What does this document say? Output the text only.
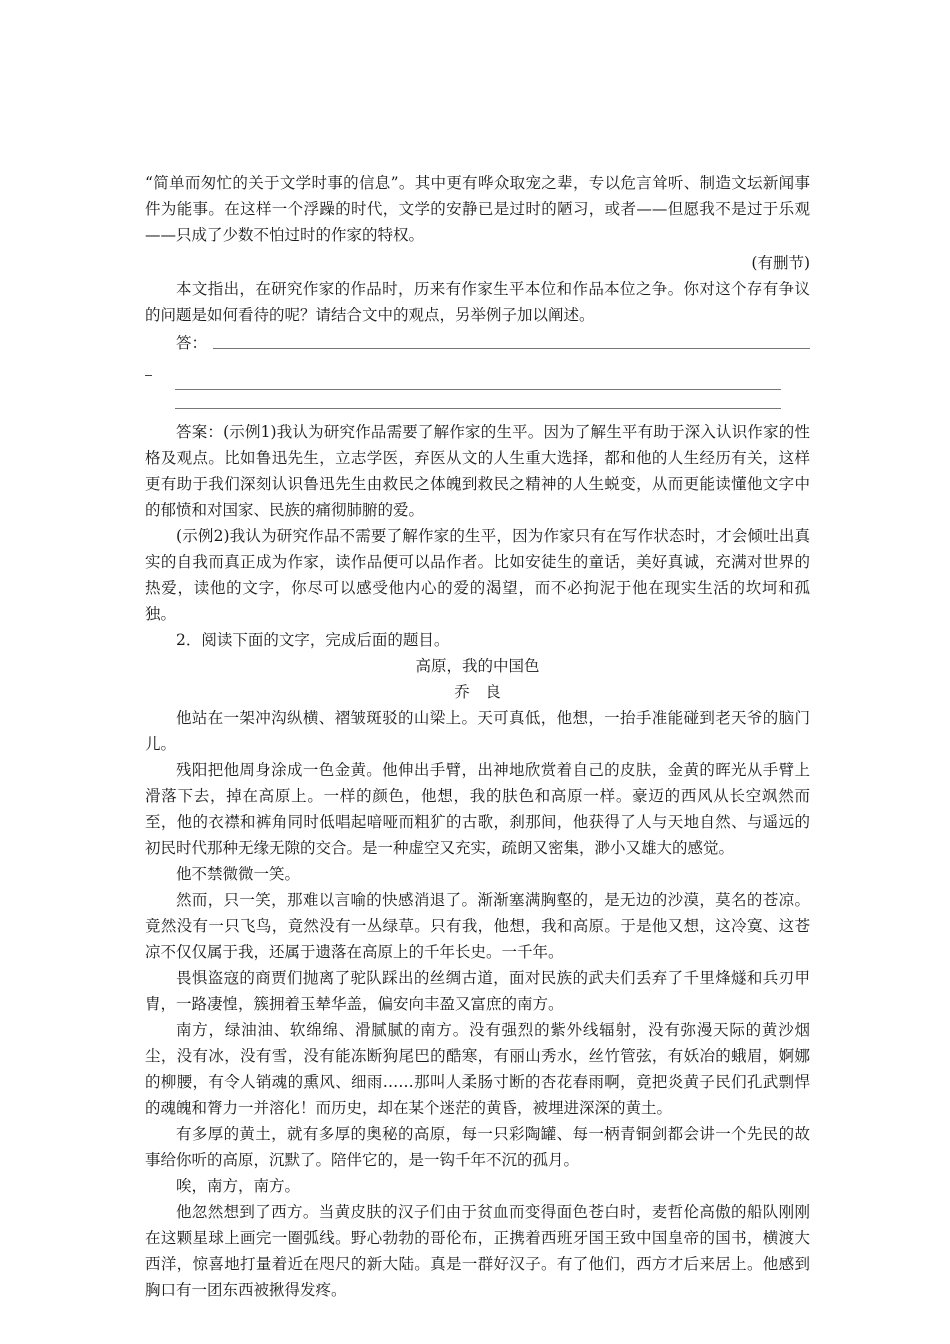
“简单而匆忙的关于文学时事的信息”。其中更有哗众取宠之辈，专以危言耸听、制造文坛新闻事件为能事。在这样一个浮躁的时代，文学的安静已是过时的陋习，或者——但愿我不是过于乐观——只成了少数不怕过时的作家的特权。

(有删节)

本文指出，在研究作家的作品时，历来有作家生平本位和作品本位之争。你对这个存有争议的问题是如何看待的呢？请结合文中的观点，另举例子加以阐述。

答：

答案：(示例1)我认为研究作品需要了解作家的生平。因为了解生平有助于深入认识作家的性格及观点。比如鲁迅先生，立志学医，弃医从文的人生重大选择，都和他的人生经历有关，这样更有助于我们深刻认识鲁迅先生由救民之体魄到救民之精神的人生蜕变，从而更能读懂他文字中的郁愤和对国家、民族的痛彻肺腑的爱。

(示例2)我认为研究作品不需要了解作家的生平，因为作家只有在写作状态时，才会倾吐出真实的自我而真正成为作家，读作品便可以品作者。比如安徒生的童话，美好真诚，充满对世界的热爱，读他的文字，你尽可以感受他内心的爱的渴望，而不必拘泥于他在现实生活的坎坷和孤独。

2．阅读下面的文字，完成后面的题目。

高原，我的中国色

乔　良

他站在一架冲沟纵横、褶皱斑驳的山梁上。天可真低，他想，一抬手准能碰到老天爷的脑门儿。

残阳把他周身涂成一色金黄。他伸出手臂，出神地欣赏着自己的皮肤，金黄的晖光从手臂上滑落下去，掉在高原上。一样的颜色，他想，我的肤色和高原一样。豪迈的西风从长空飒然而至，他的衣襟和裤角同时低唱起喑哑而粗犷的古歌，刹那间，他获得了人与天地自然、与遥远的初民时代那种无缘无隙的交合。是一种虚空又充实，疏朗又密集，渺小又雄大的感觉。

他不禁微微一笑。

然而，只一笑，那难以言喻的快感消退了。渐渐塞满胸壑的，是无边的沙漠，莫名的苍凉。竟然没有一只飞鸟，竟然没有一丛绿草。只有我，他想，我和高原。于是他又想，这冷寞、这苍凉不仅仅属于我，还属于遗落在高原上的千年长史。一千年。

畏惧盗寇的商贾们抛离了驼队踩出的丝绸古道，面对民族的武夫们丢弃了千里烽燧和兵刃甲胄，一路凄惶，簇拥着玉辇华盖，偏安向丰盈又富庶的南方。

南方，绿油油、软绵绵、滑腻腻的南方。没有强烈的紫外线辐射，没有弥漫天际的黄沙烟尘，没有冰，没有雪，没有能冻断狗尾巴的酷寒，有丽山秀水，丝竹管弦，有妖冶的蛾眉，婀娜的柳腰，有令人销魂的熏风、细雨……那叫人柔肠寸断的杏花春雨啊，竟把炎黄子民们孔武剽悍的魂魄和膂力一并溶化！而历史，却在某个迷茫的黄昏，被埋进深深的黄土。

有多厚的黄土，就有多厚的奥秘的高原，每一只彩陶罐、每一柄青铜剑都会讲一个先民的故事给你听的高原，沉默了。陪伴它的，是一钩千年不沉的孤月。

唉，南方，南方。

他忽然想到了西方。当黄皮肤的汉子们由于贫血而变得面色苍白时，麦哲伦高傲的船队刚刚在这颗星球上画完一圈弧线。野心勃勃的哥伦布，正携着西班牙国王致中国皇帝的国书，横渡大西洋，惊喜地打量着近在咫尺的新大陆。真是一群好汉子。有了他们，西方才后来居上。他感到胸口有一团东西被揪得发疼。
